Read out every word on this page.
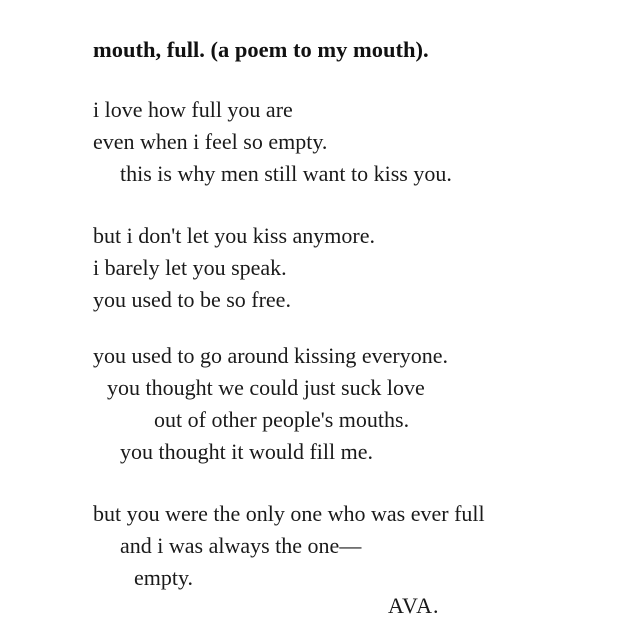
mouth, full. (a poem to my mouth).

i love how full you are

even when i feel so empty.

this is why men still want to kiss you.

but i don't let you kiss anymore.

i barely let you speak.

you used to be so free.

you used to go around kissing everyone.

you thought we could just suck love

out of other people's mouths.

you thought it would fill me.

but you were the only one who was ever full

and i was always the one—

empty.

AVA.
